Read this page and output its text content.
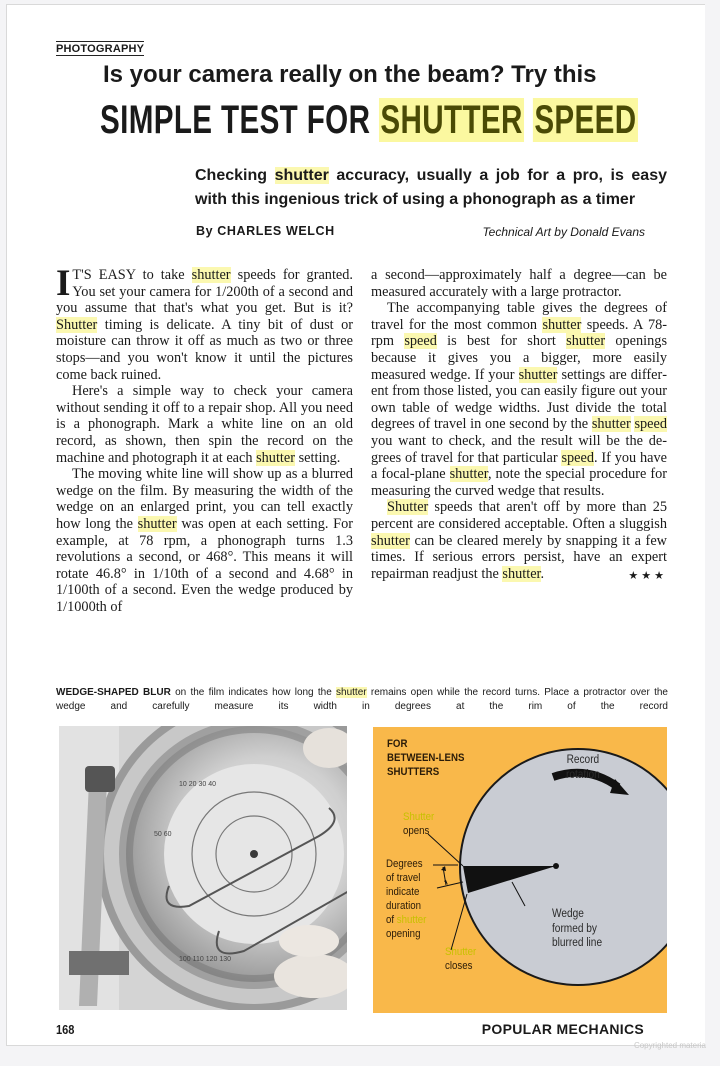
PHOTOGRAPHY
Is your camera really on the beam? Try this
SIMPLE TEST FOR SHUTTER SPEED
Checking shutter accuracy, usually a job for a pro, is easy with this ingenious trick of using a phonograph as a timer
By CHARLES WELCH	Technical Art by Donald Evans

I T'S EASY to take shutter speeds for granted. You set your camera for 1/200th of a second and you assume that that's what you get. But is it? Shutter timing is delicate. A tiny bit of dust or moisture can throw it off as much as two or three stops—and you won't know it until the pictures come back ruined.

Here's a simple way to check your camera without sending it off to a repair shop. All you need is a phonograph. Mark a white line on an old record, as shown, then spin the record on the machine and photograph it at each shutter setting.

The moving white line will show up as a blurred wedge on the film. By measuring the width of the wedge on an enlarged print, you can tell exactly how long the shutter was open at each setting. For example, at 78 rpm, a phonograph turns 1.3 revolutions a second, or 468°. This means it will rotate 46.8° in 1/10th of a second and 4.68° in 1/100th of a second. Even the wedge produced by 1/1000th of

a second—approximately half a degree—can be measured accurately with a large protractor.

The accompanying table gives the degrees of travel for the most common shutter speeds. A 78-rpm speed is best for short shutter openings because it gives you a bigger, more easily measured wedge. If your shutter settings are different from those listed, you can easily figure out your own table of wedge widths. Just divide the total degrees of travel in one second by the shutter speed you want to check, and the result will be the degrees of travel for that particular speed. If you have a focal-plane shutter, note the special procedure for measuring the curved wedge that results.

Shutter speeds that aren't off by more than 25 percent are considered acceptable. Often a sluggish shutter can be cleared merely by snapping it a few times. If serious errors persist, have an expert repairman readjust the shutter.	★★★

WEDGE-SHAPED BLUR on the film indicates how long the shutter remains open while the record turns. Place a protractor over the wedge and carefully measure its width in degrees at the rim of the record
10 20 30 40
50 60
100 110 120 130
FOR
BETWEEN-LENS
SHUTTERS
Record
rotation
Shutter
opens
Degrees
of travel
indicate
duration
of shutter
opening
Shutter
closes
Wedge
formed by
blurred line
168	POPULAR MECHANICS
Copyrighted materia
